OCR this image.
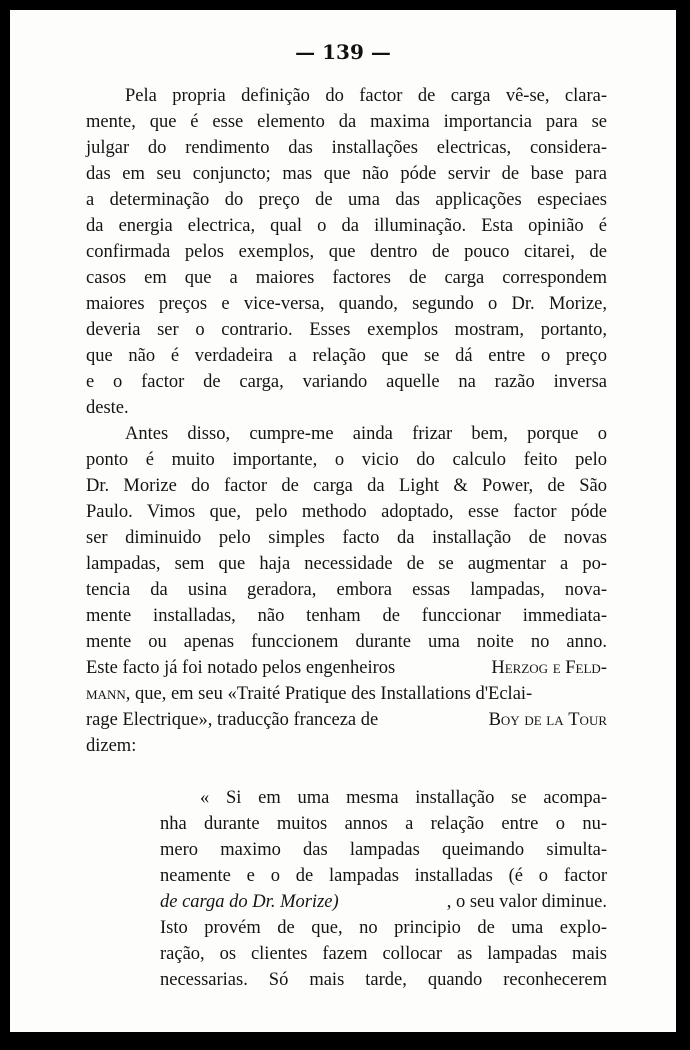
— 139 —
Pela propria definição do factor de carga vê-se, clara-
mente, que é esse elemento da maxima importancia para se
julgar do rendimento das installações electricas, considera-
das em seu conjuncto; mas que não póde servir de base para
a determinação do preço de uma das applicações especiaes
da energia electrica, qual o da illuminação. Esta opinião é
confirmada pelos exemplos, que dentro de pouco citarei, de
casos em que a maiores factores de carga correspondem
maiores preços e vice-versa, quando, segundo o Dr. Morize,
deveria ser o contrario. Esses exemplos mostram, portanto,
que não é verdadeira a relação que se dá entre o preço
e o factor de carga, variando aquelle na razão inversa
deste.
Antes disso, cumpre-me ainda frizar bem, porque o
ponto é muito importante, o vicio do calculo feito pelo
Dr. Morize do factor de carga da Light & Power, de São
Paulo. Vimos que, pelo methodo adoptado, esse factor póde
ser diminuido pelo simples facto da installação de novas
lampadas, sem que haja necessidade de se augmentar a po-
tencia da usina geradora, embora essas lampadas, nova-
mente installadas, não tenham de funccionar immediata-
mente ou apenas funccionem durante uma noite no anno.
Este facto já foi notado pelos engenheiros	Herzog e Feld-
mann, que, em seu «Traité Pratique des Installations d'Eclai-
rage Electrique», traducção franceza de	Boy de la Tour
dizem:
« Si em uma mesma installação se acompa-
nha durante muitos annos a relação entre o nu-
mero maximo das lampadas queimando simulta-
neamente e o de lampadas installadas (é o factor
de carga do Dr. Morize)	, o seu valor diminue.
Isto provém de que, no principio de uma explo-
ração, os clientes fazem collocar as lampadas mais
necessarias. Só mais tarde, quando reconhecerem
